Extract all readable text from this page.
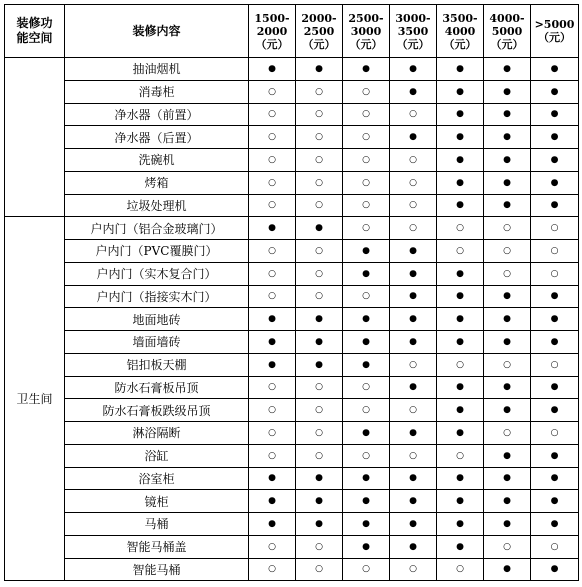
装修功
能空间	装修内容	1500-
2000
（元）	2000-
2500
（元）	2500-
3000
（元）	3000-
3500
（元）	3500-
4000
（元）	4000-
5000
（元）	>5000
（元）

	抽油烟机	●	●	●	●	●	●	●
	消毒柜	○	○	○	●	●	●	●
	净水器（前置）	○	○	○	○	●	●	●
	净水器（后置）	○	○	○	●	●	●	●
	洗碗机	○	○	○	○	●	●	●
	烤箱	○	○	○	○	●	●	●
	垃圾处理机	○	○	○	○	●	●	●
卫生间	户内门（铝合金玻璃门）	●	●	○	○	○	○	○
	户内门（PVC覆膜门）	○	○	●	●	○	○	○
	户内门（实木复合门）	○	○	●	●	●	○	○
	户内门（指接实木门）	○	○	○	●	●	●	●
	地面地砖	●	●	●	●	●	●	●
	墙面墙砖	●	●	●	●	●	●	●
	铝扣板天棚	●	●	●	○	○	○	○
	防水石膏板吊顶	○	○	○	●	●	●	●
	防水石膏板跌级吊顶	○	○	○	○	●	●	●
	淋浴隔断	○	○	●	●	●	○	○
	浴缸	○	○	○	○	○	●	●
	浴室柜	●	●	●	●	●	●	●
	镜柜	●	●	●	●	●	●	●
	马桶	●	●	●	●	●	●	●
	智能马桶盖	○	○	●	●	●	○	○
	智能马桶	○	○	○	○	○	●	●
